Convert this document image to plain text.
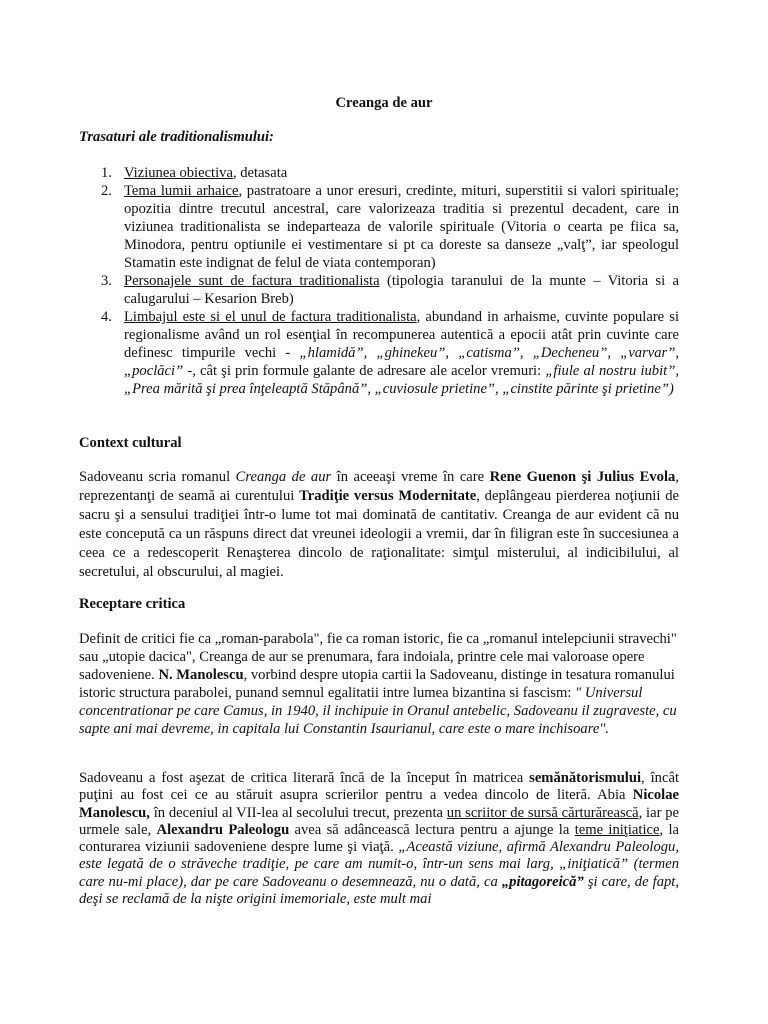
Creanga de aur
Trasaturi ale traditionalismului:
1. Viziunea obiectiva, detasata
2. Tema lumii arhaice, pastratoare a unor eresuri, credinte, mituri, superstitii si valori spirituale; opozitia dintre trecutul ancestral, care valorizeaza traditia si prezentul decadent, care in viziunea traditionalista se indeparteaza de valorile spirituale (Vitoria o cearta pe fiica sa, Minodora, pentru optiunile ei vestimentare si pt ca doreste sa danseze „valţ”, iar speologul Stamatin este indignat de felul de viata contemporan)
3. Personajele sunt de factura traditionalista (tipologia taranului de la munte – Vitoria si a calugarului – Kesarion Breb)
4. Limbajul este si el unul de factura traditionalista, abundand in arhaisme, cuvinte populare si regionalisme având un rol esenţial în recompunerea autentică a epocii atât prin cuvinte care definesc timpurile vechi - „hlamidă”, „ghinekeu”, „catisma”, „Decheneu”, „varvar”, „poclăci” -, cât şi prin formule galante de adresare ale acelor vremuri: „fiule al nostru iubit”, „Prea mărită şi prea înţeleaptă Stăpână”, „cuviosule prietine”, „cinstite părinte şi prietine”)
Context cultural

Sadoveanu scria romanul Creanga de aur în aceeaşi vreme în care Rene Guenon şi Julius Evola, reprezentanţi de seamă ai curentului Tradiţie versus Modernitate, deplângeau pierderea noţiunii de sacru şi a sensului tradiţiei într-o lume tot mai dominată de cantitativ. Creanga de aur evident că nu este concepută ca un răspuns direct dat vreunei ideologii a vremii, dar în filigran este în succesiunea a ceea ce a redescoperit Renaşterea dincolo de raţionalitate: simţul misterului, al indicibilului, al secretului, al obscurului, al magiei.

Receptare critica

Definit de critici fie ca „roman-parabola", fie ca roman istoric, fie ca „romanul intelepciunii stravechi" sau „utopie dacica", Creanga de aur se prenumara, fara indoiala, printre cele mai valoroase opere sadoveniene. N. Manolescu, vorbind despre utopia cartii la Sadoveanu, distinge in tesatura romanului istoric structura parabolei, punand semnul egalitatii intre lumea bizantina si fascism: " Universul concentrationar pe care Camus, in 1940, il inchipuie in Oranul antebelic, Sadoveanu il zugraveste, cu sapte ani mai devreme, in capitala lui Constantin Isaurianul, care este o mare inchisoare".

Sadoveanu a fost aşezat de critica literară încă de la început în matricea semănătorismului, încât puţini au fost cei ce au stăruit asupra scrierilor pentru a vedea dincolo de literă. Abia Nicolae Manolescu, în deceniul al VII-lea al secolului trecut, prezenta un scriitor de sursă cărturărească, iar pe urmele sale, Alexandru Paleologu avea să adâncească lectura pentru a ajunge la teme iniţiatice, la conturarea viziunii sadoveniene despre lume şi viaţă. „Această viziune, afirmă Alexandru Paleologu, este legată de o străveche tradiţie, pe care am numit-o, într-un sens mai larg, „iniţiatică” (termen care nu-mi place), dar pe care Sadoveanu o desemnează, nu o dată, ca „pitagoreică” şi care, de fapt, deşi se reclamă de la nişte origini imemoriale, este mult mai
